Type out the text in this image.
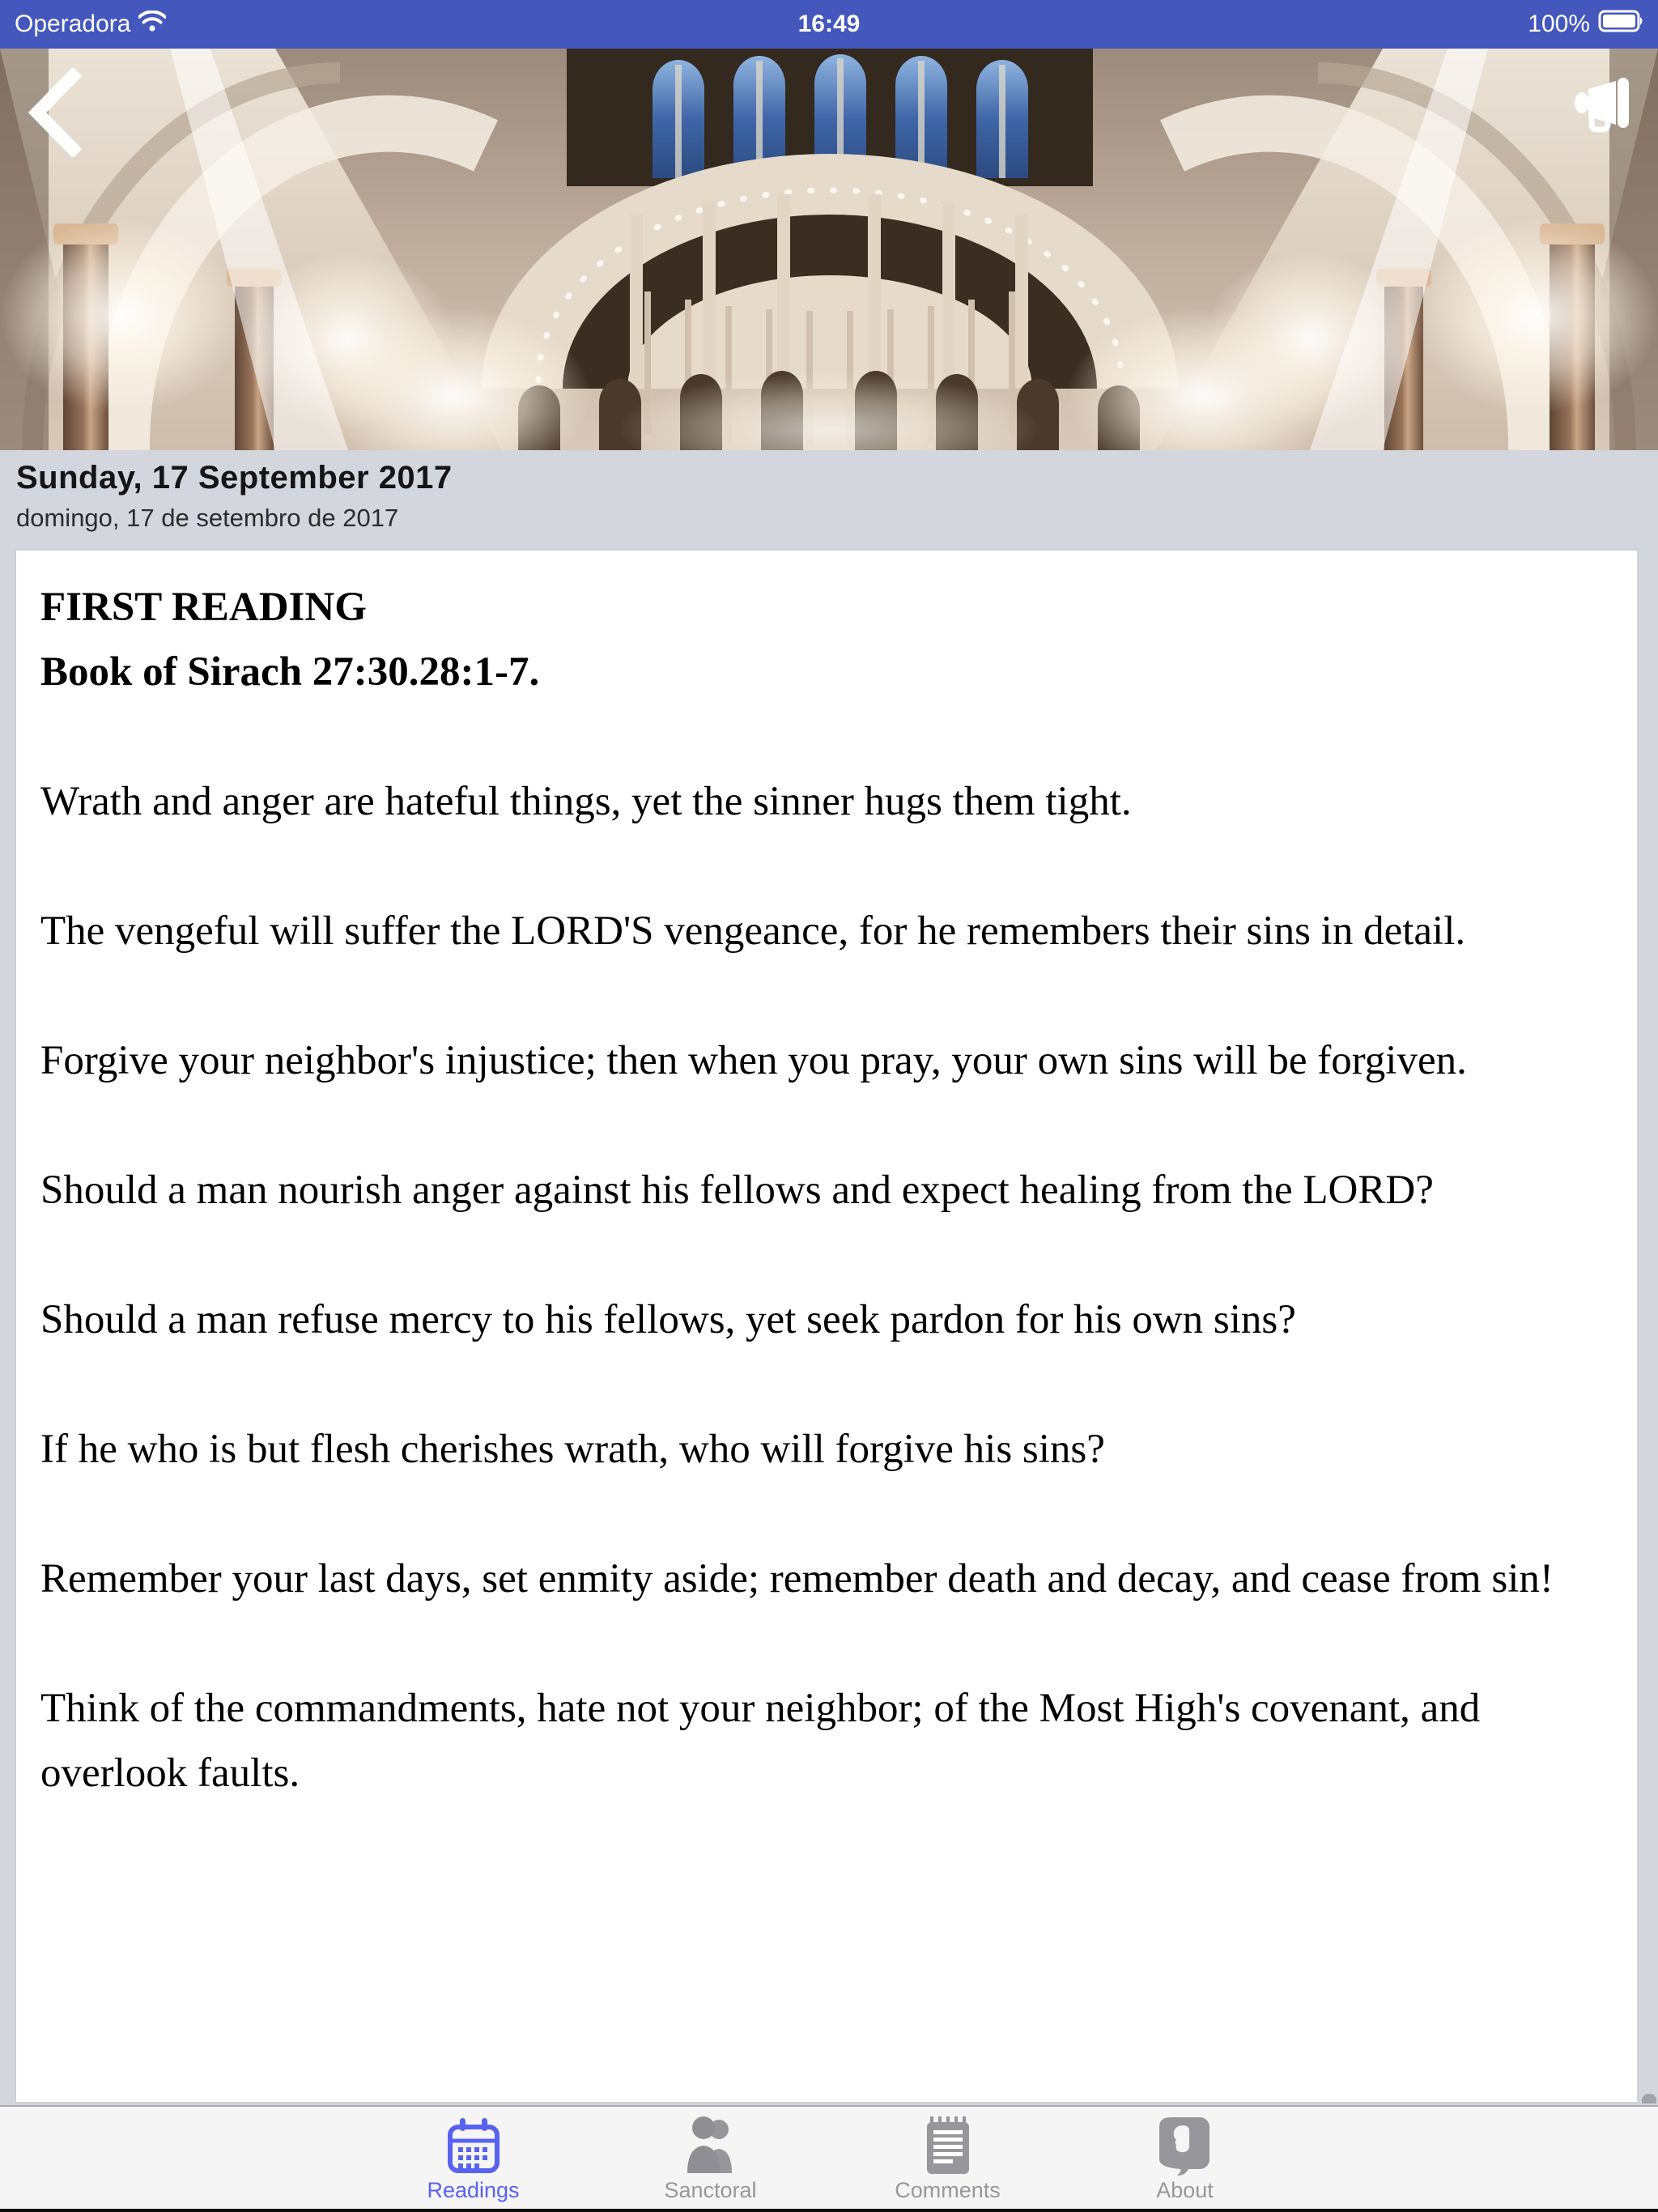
16:49
Operadora	100%
Sunday, 17 September 2017
domingo, 17 de setembro de 2017
FIRST READING
Book of Sirach 27:30.28:1-7.

Wrath and anger are hateful things, yet the sinner hugs them tight.

The vengeful will suffer the LORD'S vengeance, for he remembers their sins in detail.

Forgive your neighbor's injustice; then when you pray, your own sins will be forgiven.

Should a man nourish anger against his fellows and expect healing from the LORD?

Should a man refuse mercy to his fellows, yet seek pardon for his own sins?

If he who is but flesh cherishes wrath, who will forgive his sins?

Remember your last days, set enmity aside; remember death and decay, and cease from sin!

Think of the commandments, hate not your neighbor; of the Most High's covenant, and overlook faults.

Readings	Sanctoral	Comments	About
